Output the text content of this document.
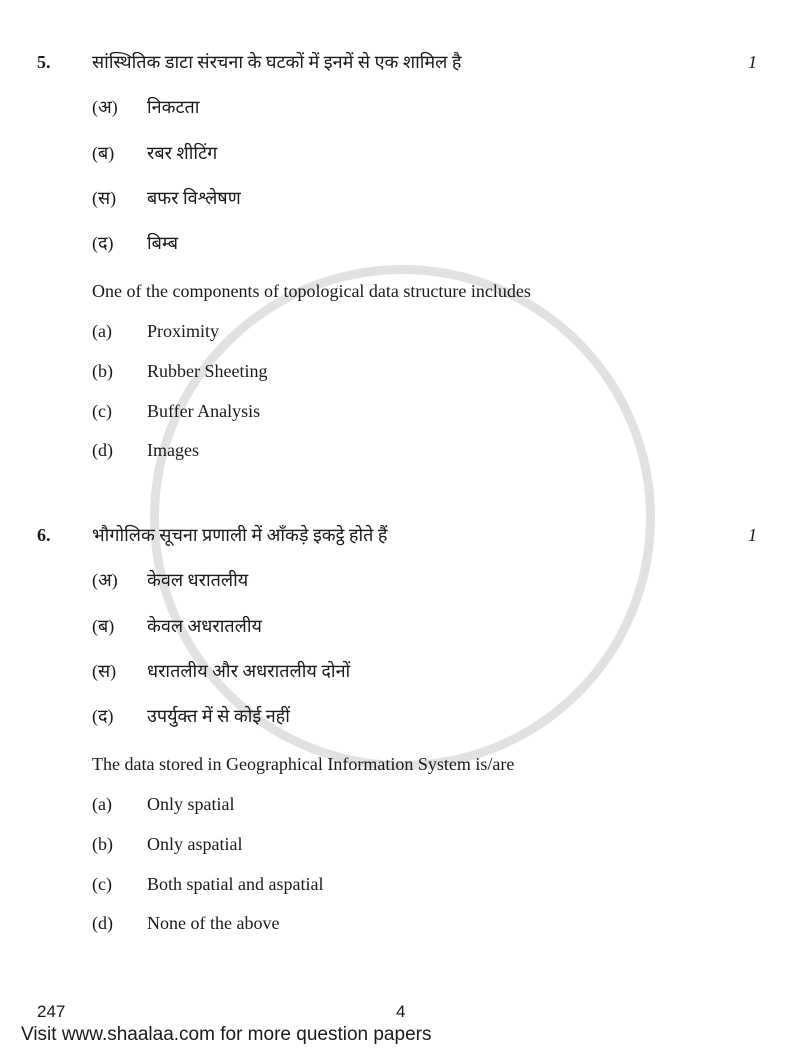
5. सांस्थितिक डाटा संरचना के घटकों में इनमें से एक शामिल है	1
(अ) निकटता
(ब) रबर शीटिंग
(स) बफर विश्लेषण
(द) बिम्ब
One of the components of topological data structure includes
(a) Proximity
(b) Rubber Sheeting
(c) Buffer Analysis
(d) Images
6. भौगोलिक सूचना प्रणाली में आँकड़े इकट्ठे होते हैं	1
(अ) केवल धरातलीय
(ब) केवल अधरातलीय
(स) धरातलीय और अधरातलीय दोनों
(द) उपर्युक्त में से कोई नहीं
The data stored in Geographical Information System is/are
(a) Only spatial
(b) Only aspatial
(c) Both spatial and aspatial
(d) None of the above
247	4
Visit www.shaalaa.com for more question papers
